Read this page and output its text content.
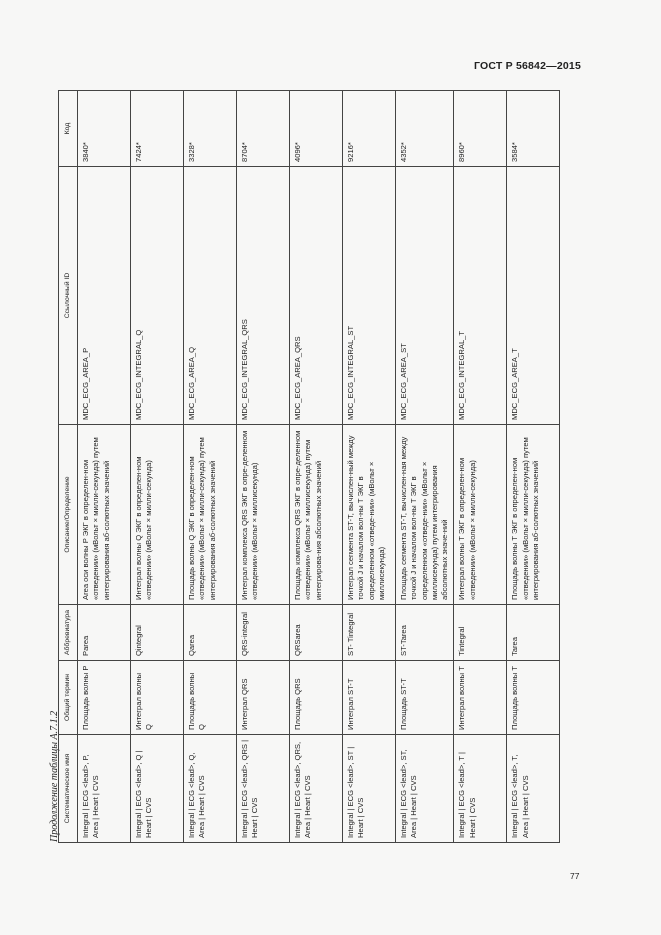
ГОСТ Р 56842—2015
Продолжение таблицы А.7.1.2 Систематическое имя	Общий термин	Аббревиатура	Описание/Определение	Ссылочный ID	Код
Integral | ECG <lead>, P, Area | Heart | CVS	Площадь волны P	Parea	Area оси волны P ЭКГ в определен-ном «отведении» (мВольт × милли-секунда) путем интегрирования аб-солютных значений	MDC_ECG_AREA_P	3840*
Integral | ECG <lead>, Q | Heart | CVS	Интеграл волны Q	Qintegral	Интеграл волны Q ЭКГ в определен-ном «отведении» (мВольт × милли-секунда)	MDC_ECG_INTEGRAL_Q	7424*
Integral | ECG <lead>, Q, Area | Heart | CVS	Площадь волны Q	Qarea	Площадь волны Q ЭКГ в определен-ном «отведении» (мВольт × милли-секунда) путем интегрирования аб-солютных значений	MDC_ECG_AREA_Q	3328*
Integral | ECG <lead>, QRS | Heart | CVS	Интеграл QRS	QRS-integral	Интеграл комплекса QRS ЭКГ в опре-деленном «отведении» (мВольт × миллисекунда)	MDC_ECG_INTEGRAL_QRS	8704*
Integral | ECG <lead>, QRS, Area | Heart | CVS	Площадь QRS	QRSarea	Площадь комплекса QRS ЭКГ в опре-деленном «отведении» (мВольт × миллисекунда) путем интегрирова-ния абсолютных значений	MDC_ECG_AREA_QRS	4096*
Integral | ECG <lead>, ST | Heart | CVS	Интеграл ST-T	ST- Tintegral	Интеграл сегмента ST-T, вычислен-ный между точкой J и началом вол-ны T ЭКГ в определенном «отведе-нии» (мВольт × миллисекунда)	MDC_ECG_INTEGRAL_ST	9216*
Integral | ECG <lead>, ST, Area | Heart | CVS	Площадь ST-T	ST-Tarea	Площадь сегмента ST-T, вычислен-ная между точкой J и началом вол-ны T ЭКГ в определенном «отведе-нии» (мВольт × миллисекунда) путем интегрирования абсолютных значе-ний	MDC_ECG_AREA_ST	4352*
Integral | ECG <lead>, T | Heart | CVS	Интеграл волны T	Tintegral	Интеграл волны T ЭКГ в определен-ном «отведении» (мВольт × милли-секунда)	MDC_ECG_INTEGRAL_T	8960*
Integral | ECG <lead>, T, Area | Heart | CVS	Площадь волны T	Tarea	Площадь волны T ЭКГ в определен-ном «отведении» (мВольт × милли-секунда) путем интегрирования аб-солютных значений	MDC_ECG_AREA_T	3584*
77
